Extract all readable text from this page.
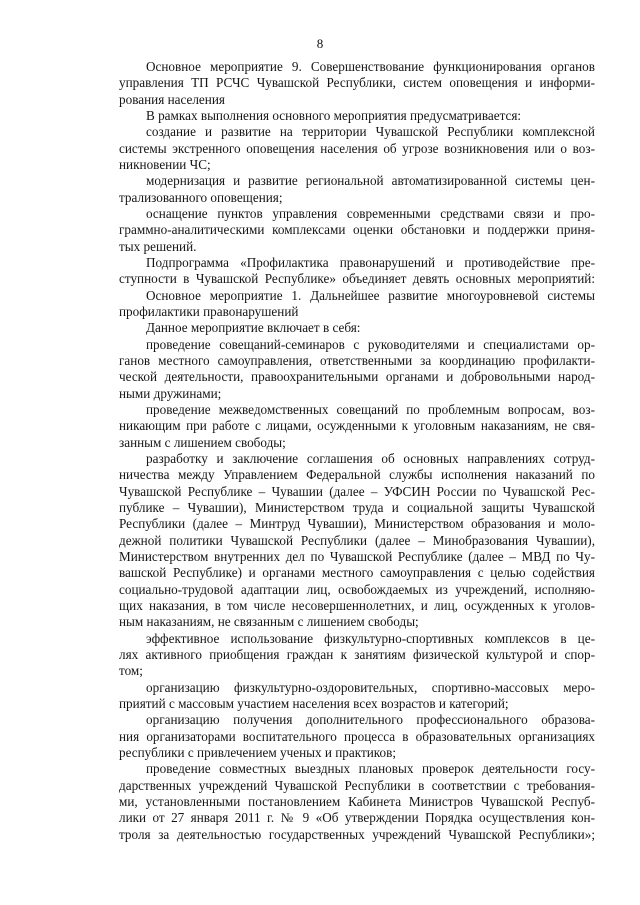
8
Основное мероприятие 9. Совершенствование функционирования органов
управления ТП РСЧС Чувашской Республики, систем оповещения и информи-
рования населения
В рамках выполнения основного мероприятия предусматривается:
создание и развитие на территории Чувашской Республики комплексной
системы экстренного оповещения населения об угрозе возникновения или о воз-
никновении ЧС;
модернизация и развитие региональной автоматизированной системы цен-
трализованного оповещения;
оснащение пунктов управления современными средствами связи и про-
граммно-аналитическими комплексами оценки обстановки и поддержки приня-
тых решений.
Подпрограмма «Профилактика правонарушений и противодействие пре-
ступности в Чувашской Республике» объединяет девять основных мероприятий:
Основное мероприятие 1. Дальнейшее развитие многоуровневой системы
профилактики правонарушений
Данное мероприятие включает в себя:
проведение совещаний-семинаров с руководителями и специалистами ор-
ганов местного самоуправления, ответственными за координацию профилакти-
ческой деятельности, правоохранительными органами и добровольными народ-
ными дружинами;
проведение межведомственных совещаний по проблемным вопросам, воз-
никающим при работе с лицами, осужденными к уголовным наказаниям, не свя-
занным с лишением свободы;
разработку и заключение соглашения об основных направлениях сотруд-
ничества между Управлением Федеральной службы исполнения наказаний по
Чувашской Республике – Чувашии (далее – УФСИН России по Чувашской Рес-
публике – Чувашии), Министерством труда и социальной защиты Чувашской
Республики (далее – Минтруд Чувашии), Министерством образования и моло-
дежной политики Чувашской Республики (далее – Минобразования Чувашии),
Министерством внутренних дел по Чувашской Республике (далее – МВД по Чу-
вашской Республике) и органами местного самоуправления с целью содействия
социально-трудовой адаптации лиц, освобождаемых из учреждений, исполняю-
щих наказания, в том числе несовершеннолетних, и лиц, осужденных к уголов-
ным наказаниям, не связанным с лишением свободы;
эффективное использование физкультурно-спортивных комплексов в це-
лях активного приобщения граждан к занятиям физической культурой и спор-
том;
организацию физкультурно-оздоровительных, спортивно-массовых меро-
приятий с массовым участием населения всех возрастов и категорий;
организацию получения дополнительного профессионального образова-
ния организаторами воспитательного процесса в образовательных организациях
республики с привлечением ученых и практиков;
проведение совместных выездных плановых проверок деятельности госу-
дарственных учреждений Чувашской Республики в соответствии с требования-
ми, установленными постановлением Кабинета Министров Чувашской Респуб-
лики от 27 января 2011 г. № 9 «Об утверждении Порядка осуществления кон-
троля за деятельностью государственных учреждений Чувашской Республики»;
